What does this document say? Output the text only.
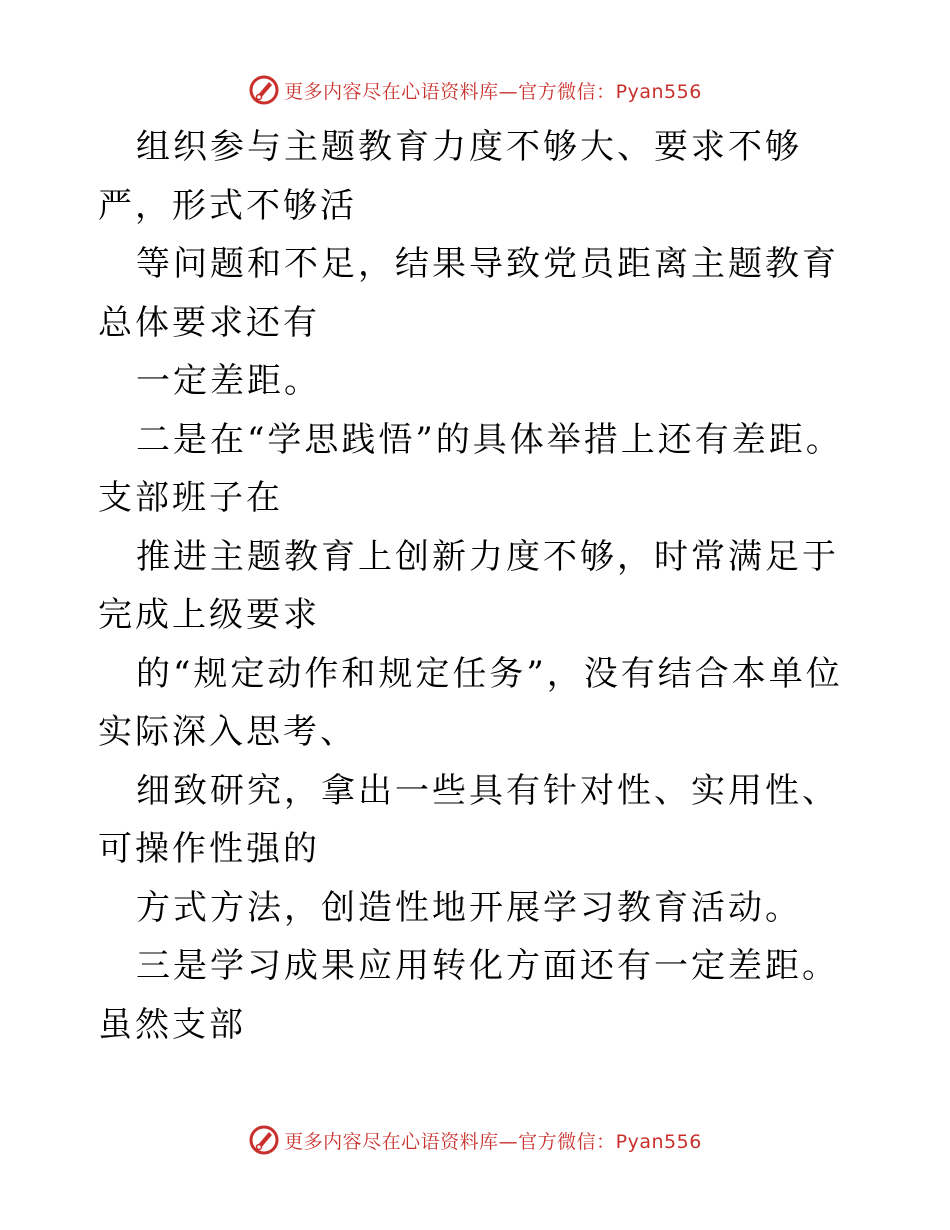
更多内容尽在心语资料库—官方微信：Pyan556

组织参与主题教育力度不够大、要求不够严，形式不够活

等问题和不足，结果导致党员距离主题教育总体要求还有

一定差距。

二是在“学思践悟”的具体举措上还有差距。支部班子在

推进主题教育上创新力度不够，时常满足于完成上级要求

的“规定动作和规定任务”，没有结合本单位实际深入思考、

细致研究，拿出一些具有针对性、实用性、可操作性强的

方式方法，创造性地开展学习教育活动。

三是学习成果应用转化方面还有一定差距。虽然支部

更多内容尽在心语资料库—官方微信：Pyan556
